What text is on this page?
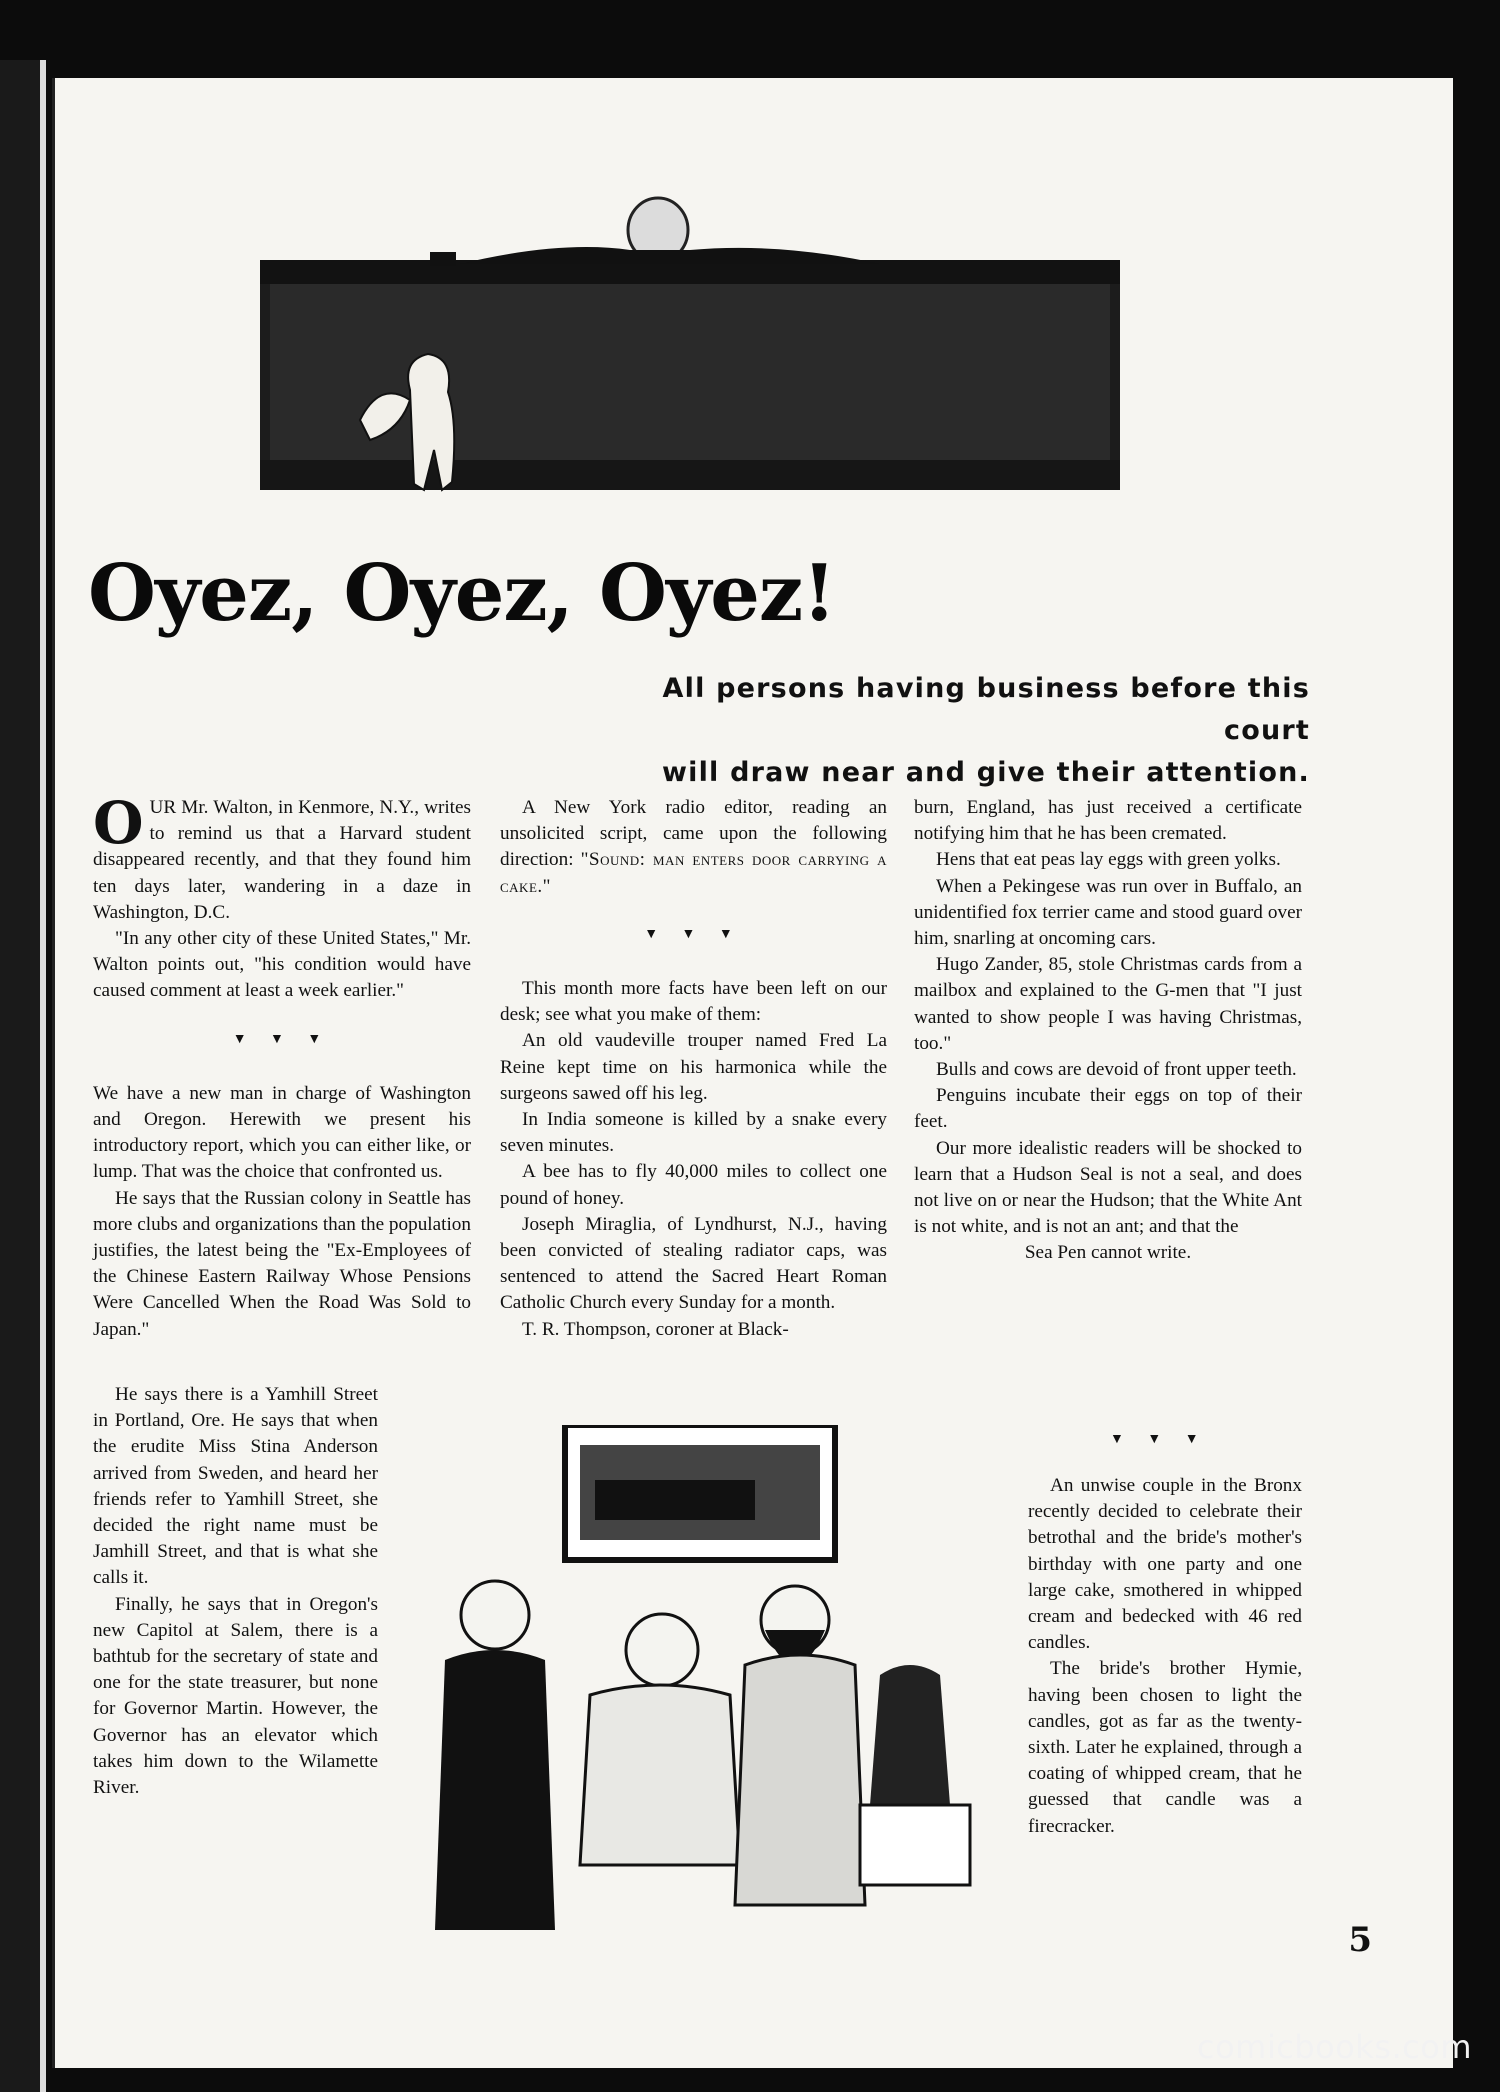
Oyez, Oyez, Oyez!
All persons having business before this court
will draw near and give their attention.

OUR Mr. Walton, in Kenmore, N.Y., writes to remind us that a Harvard student disappeared recently, and that they found him ten days later, wandering in a daze in Washington, D.C.

"In any other city of these United States," Mr. Walton points out, "his condition would have caused comment at least a week earlier."

▼ ▼ ▼

We have a new man in charge of Washington and Oregon. Herewith we present his introductory report, which you can either like, or lump. That was the choice that confronted us.

He says that the Russian colony in Seattle has more clubs and organizations than the population justifies, the latest being the "Ex-Employees of the Chinese Eastern Railway Whose Pensions Were Cancelled When the Road Was Sold to Japan."

He says there is a Yamhill Street in Portland, Ore. He says that when the erudite Miss Stina Anderson arrived from Sweden, and heard her friends refer to Yamhill Street, she decided the right name must be Jamhill Street, and that is what she calls it.

Finally, he says that in Oregon's new Capitol at Salem, there is a bathtub for the secretary of state and one for the state treasurer, but none for Governor Martin. However, the Governor has an elevator which takes him down to the Wilamette River.

A New York radio editor, reading an unsolicited script, came upon the following direction: "Sound: man enters door carrying a cake."

▼ ▼ ▼

This month more facts have been left on our desk; see what you make of them:

An old vaudeville trouper named Fred La Reine kept time on his harmonica while the surgeons sawed off his leg.

In India someone is killed by a snake every seven minutes.

A bee has to fly 40,000 miles to collect one pound of honey.

Joseph Miraglia, of Lyndhurst, N.J., having been convicted of stealing radiator caps, was sentenced to attend the Sacred Heart Roman Catholic Church every Sunday for a month.

T. R. Thompson, coroner at Black-

burn, England, has just received a certificate notifying him that he has been cremated.

Hens that eat peas lay eggs with green yolks.

When a Pekingese was run over in Buffalo, an unidentified fox terrier came and stood guard over him, snarling at oncoming cars.

Hugo Zander, 85, stole Christmas cards from a mailbox and explained to the G-men that "I just wanted to show people I was having Christmas, too."

Bulls and cows are devoid of front upper teeth.

Penguins incubate their eggs on top of their feet.

Our more idealistic readers will be shocked to learn that a Hudson Seal is not a seal, and does not live on or near the Hudson; that the White Ant is not white, and is not an ant; and that the

Sea Pen cannot write.

▼ ▼ ▼

An unwise couple in the Bronx recently decided to celebrate their betrothal and the bride's mother's birthday with one party and one large cake, smothered in whipped cream and bedecked with 46 red candles.

The bride's brother Hymie, having been chosen to light the candles, got as far as the twenty-sixth. Later he explained, through a coating of whipped cream, that he guessed that candle was a firecracker.

5
comicbooks.com
